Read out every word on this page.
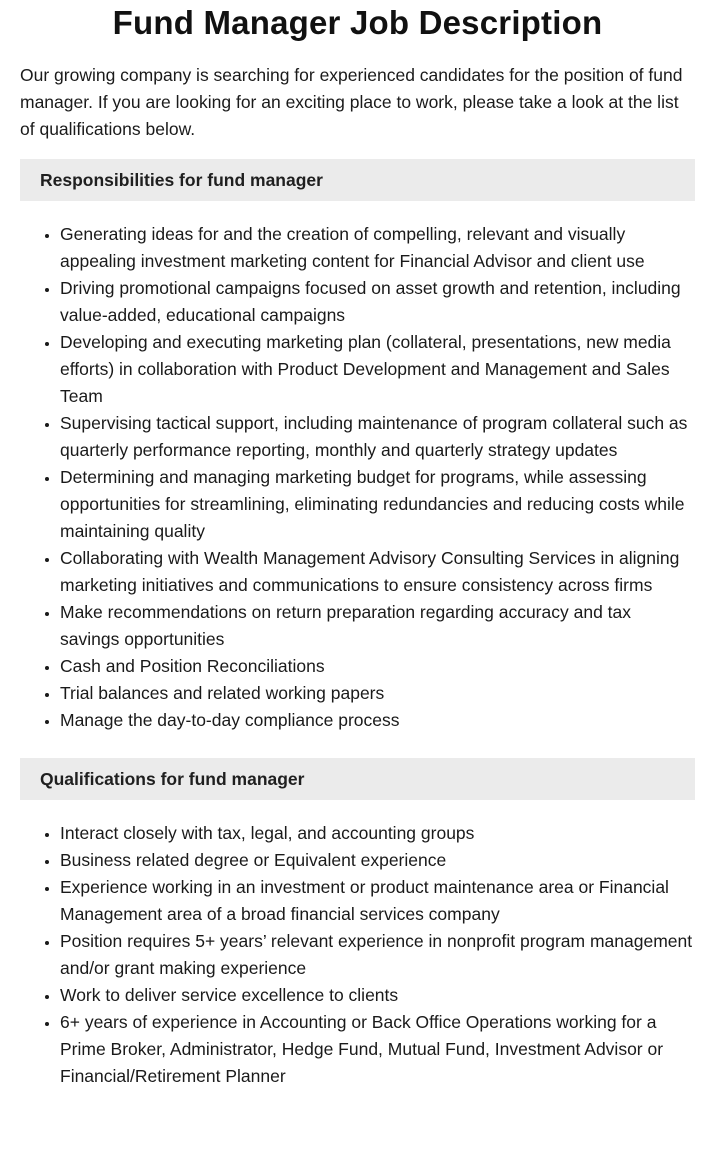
Fund Manager Job Description

Our growing company is searching for experienced candidates for the position of fund manager. If you are looking for an exciting place to work, please take a look at the list of qualifications below.

Responsibilities for fund manager
• Generating ideas for and the creation of compelling, relevant and visually appealing investment marketing content for Financial Advisor and client use
• Driving promotional campaigns focused on asset growth and retention, including value-added, educational campaigns
• Developing and executing marketing plan (collateral, presentations, new media efforts) in collaboration with Product Development and Management and Sales Team
• Supervising tactical support, including maintenance of program collateral such as quarterly performance reporting, monthly and quarterly strategy updates
• Determining and managing marketing budget for programs, while assessing opportunities for streamlining, eliminating redundancies and reducing costs while maintaining quality
• Collaborating with Wealth Management Advisory Consulting Services in aligning marketing initiatives and communications to ensure consistency across firms
• Make recommendations on return preparation regarding accuracy and tax savings opportunities
• Cash and Position Reconciliations
• Trial balances and related working papers
• Manage the day-to-day compliance process
Qualifications for fund manager
• Interact closely with tax, legal, and accounting groups
• Business related degree or Equivalent experience
• Experience working in an investment or product maintenance area or Financial Management area of a broad financial services company
• Position requires 5+ years’ relevant experience in nonprofit program management and/or grant making experience
• Work to deliver service excellence to clients
• 6+ years of experience in Accounting or Back Office Operations working for a Prime Broker, Administrator, Hedge Fund, Mutual Fund, Investment Advisor or Financial/Retirement Planner
